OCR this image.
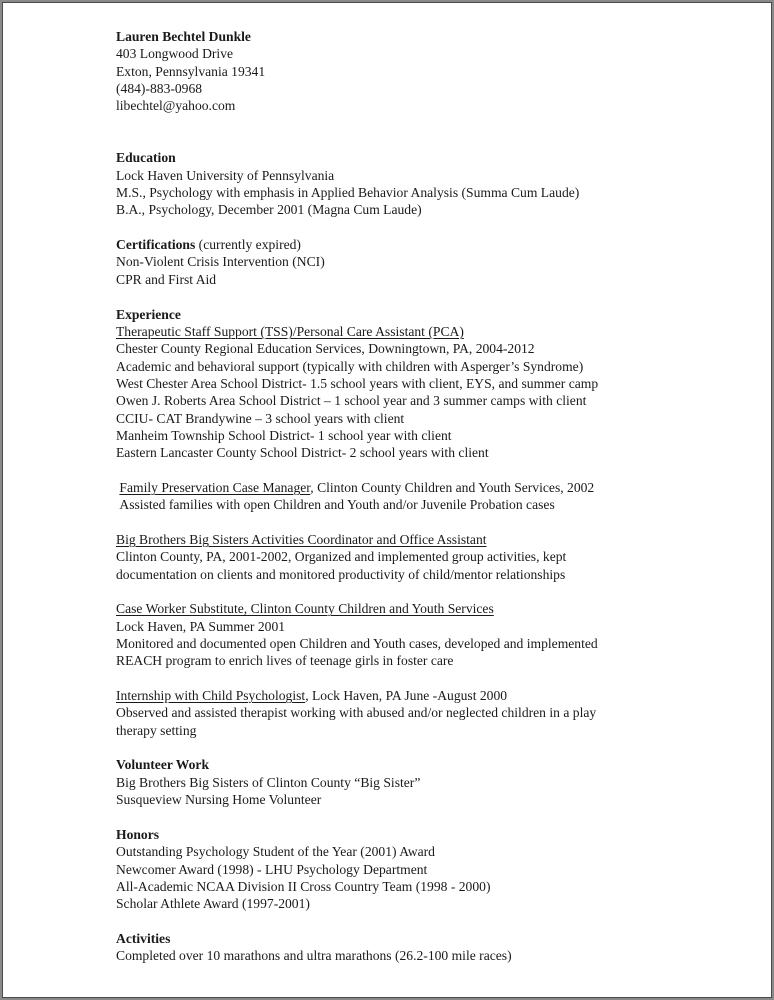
Lauren Bechtel Dunkle
403 Longwood Drive
Exton, Pennsylvania 19341
(484)-883-0968
libechtel@yahoo.com
Education
Lock Haven University of Pennsylvania
M.S., Psychology with emphasis in Applied Behavior Analysis (Summa Cum Laude)
B.A., Psychology, December 2001 (Magna Cum Laude)
Certifications (currently expired)
Non-Violent Crisis Intervention (NCI)
CPR and First Aid
Experience
Therapeutic Staff Support (TSS)/Personal Care Assistant (PCA)
Chester County Regional Education Services, Downingtown, PA, 2004-2012
Academic and behavioral support (typically with children with Asperger’s Syndrome)
West Chester Area School District- 1.5 school years with client, EYS, and summer camp
Owen J. Roberts Area School District – 1 school year and 3 summer camps with client
CCIU- CAT Brandywine – 3 school years with client
Manheim Township School District- 1 school year with client
Eastern Lancaster County School District- 2 school years with client
Family Preservation Case Manager, Clinton County Children and Youth Services, 2002
Assisted families with open Children and Youth and/or Juvenile Probation cases
Big Brothers Big Sisters Activities Coordinator and Office Assistant
Clinton County, PA, 2001-2002, Organized and implemented group activities, kept
documentation on clients and monitored productivity of child/mentor relationships
Case Worker Substitute, Clinton County Children and Youth Services
Lock Haven, PA Summer 2001
Monitored and documented open Children and Youth cases, developed and implemented
REACH program to enrich lives of teenage girls in foster care
Internship with Child Psychologist, Lock Haven, PA June -August 2000
Observed and assisted therapist working with abused and/or neglected children in a play
therapy setting
Volunteer Work
Big Brothers Big Sisters of Clinton County “Big Sister”
Susqueview Nursing Home Volunteer
Honors
Outstanding Psychology Student of the Year (2001) Award
Newcomer Award (1998) - LHU Psychology Department
All-Academic NCAA Division II Cross Country Team (1998 - 2000)
Scholar Athlete Award (1997-2001)
Activities
Completed over 10 marathons and ultra marathons (26.2-100 mile races)
